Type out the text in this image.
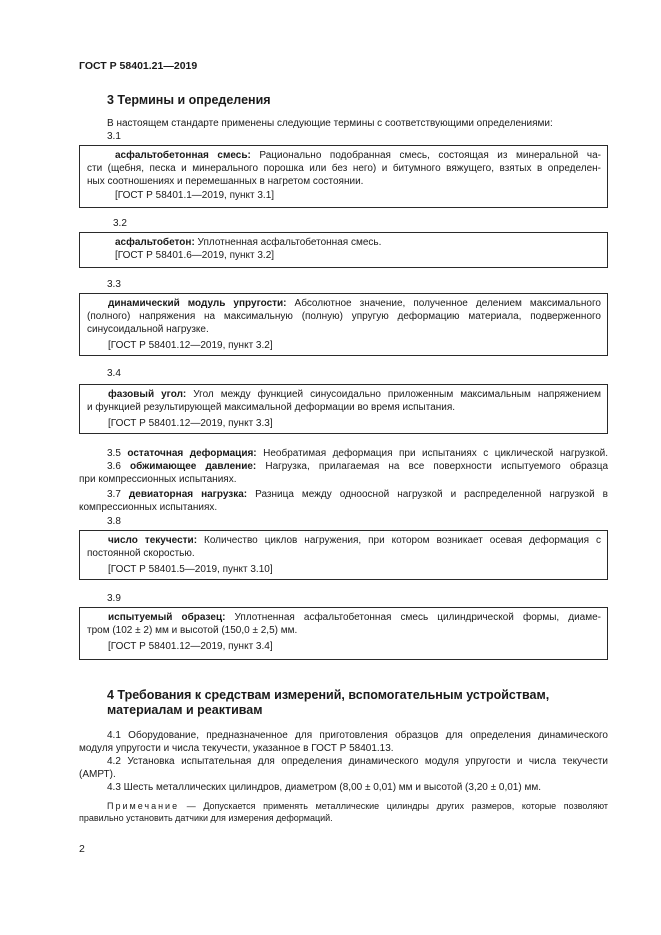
ГОСТ Р 58401.21—2019
3 Термины и определения
В настоящем стандарте применены следующие термины с соответствующими определениями:
3.1
асфальтобетонная смесь: Рационально подобранная смесь, состоящая из минеральной ча-
сти (щебня, песка и минерального порошка или без него) и битумного вяжущего, взятых в определен-
ных соотношениях и перемешанных в нагретом состоянии.
[ГОСТ Р 58401.1—2019, пункт 3.1]
3.2
асфальтобетон: Уплотненная асфальтобетонная смесь.
[ГОСТ Р 58401.6—2019, пункт 3.2]
3.3
динамический модуль упругости: Абсолютное значение, полученное делением максимального
(полного) напряжения на максимальную (полную) упругую деформацию материала, подверженного
синусоидальной нагрузке.
[ГОСТ Р 58401.12—2019, пункт 3.2]
3.4
фазовый угол: Угол между функцией синусоидально приложенным максимальным напряжением
и функцией результирующей максимальной деформации во время испытания.
[ГОСТ Р 58401.12—2019, пункт 3.3]
3.5 остаточная деформация: Необратимая деформация при испытаниях с циклической нагрузкой.
3.6 обжимающее давление: Нагрузка, прилагаемая на все поверхности испытуемого образца
при компрессионных испытаниях.
3.7 девиаторная нагрузка: Разница между одноосной нагрузкой и распределенной нагрузкой в
компрессионных испытаниях.
3.8
число текучести: Количество циклов нагружения, при котором возникает осевая деформация с
постоянной скоростью.
[ГОСТ Р 58401.5—2019, пункт 3.10]
3.9
испытуемый образец: Уплотненная асфальтобетонная смесь цилиндрической формы, диаме-
тром (102 ± 2) мм и высотой (150,0 ± 2,5) мм.
[ГОСТ Р 58401.12—2019, пункт 3.4]
4 Требования к средствам измерений, вспомогательным устройствам,
материалам и реактивам
4.1 Оборудование, предназначенное для приготовления образцов для определения динамического
модуля упругости и числа текучести, указанное в ГОСТ Р 58401.13.
4.2 Установка испытательная для определения динамического модуля упругости и числа текучести
(АМРТ).
4.3 Шесть металлических цилиндров, диаметром (8,00 ± 0,01) мм и высотой (3,20 ± 0,01) мм.
Примечание — Допускается применять металлические цилиндры других размеров, которые позволяют
правильно установить датчики для измерения деформаций.
2
